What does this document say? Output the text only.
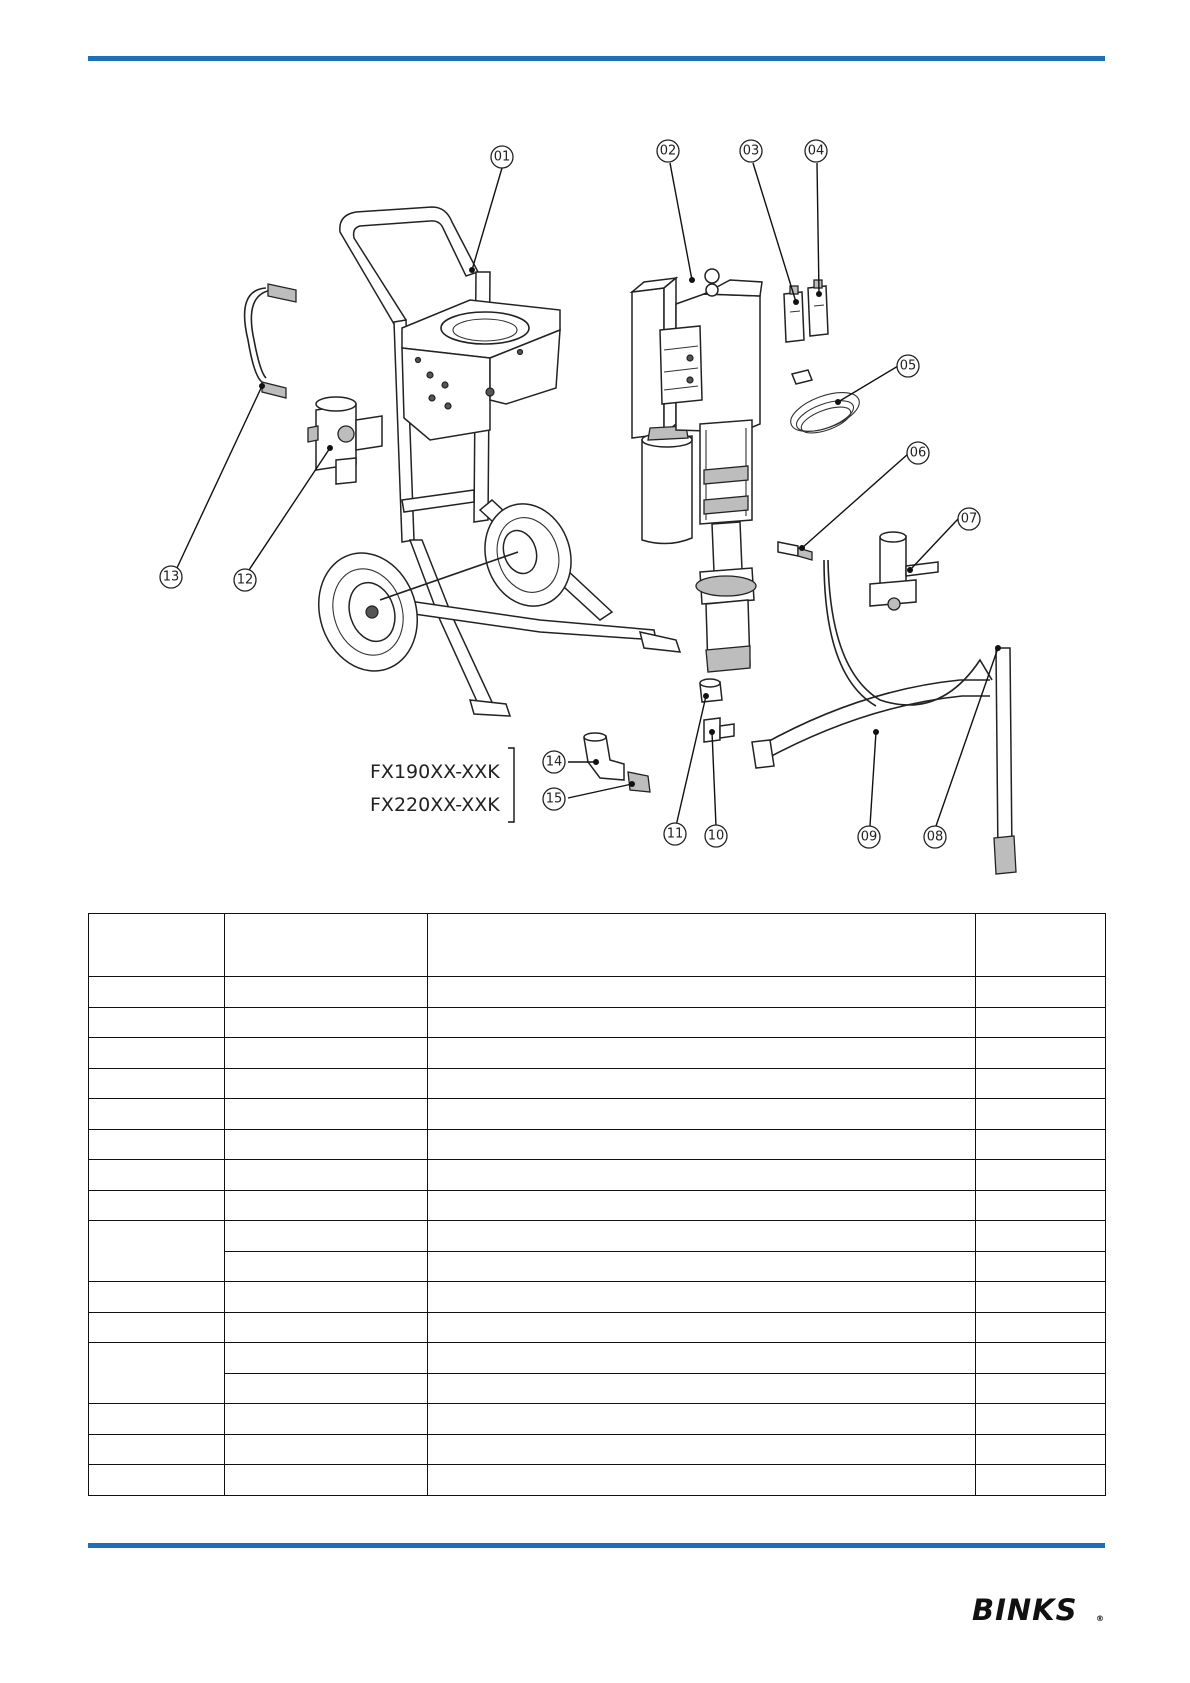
FX190XX-XXK
FX220XX-XXK
01	02	03	04
05
06
07
08
09
10
11
12
13
14
15

BINKS ®
